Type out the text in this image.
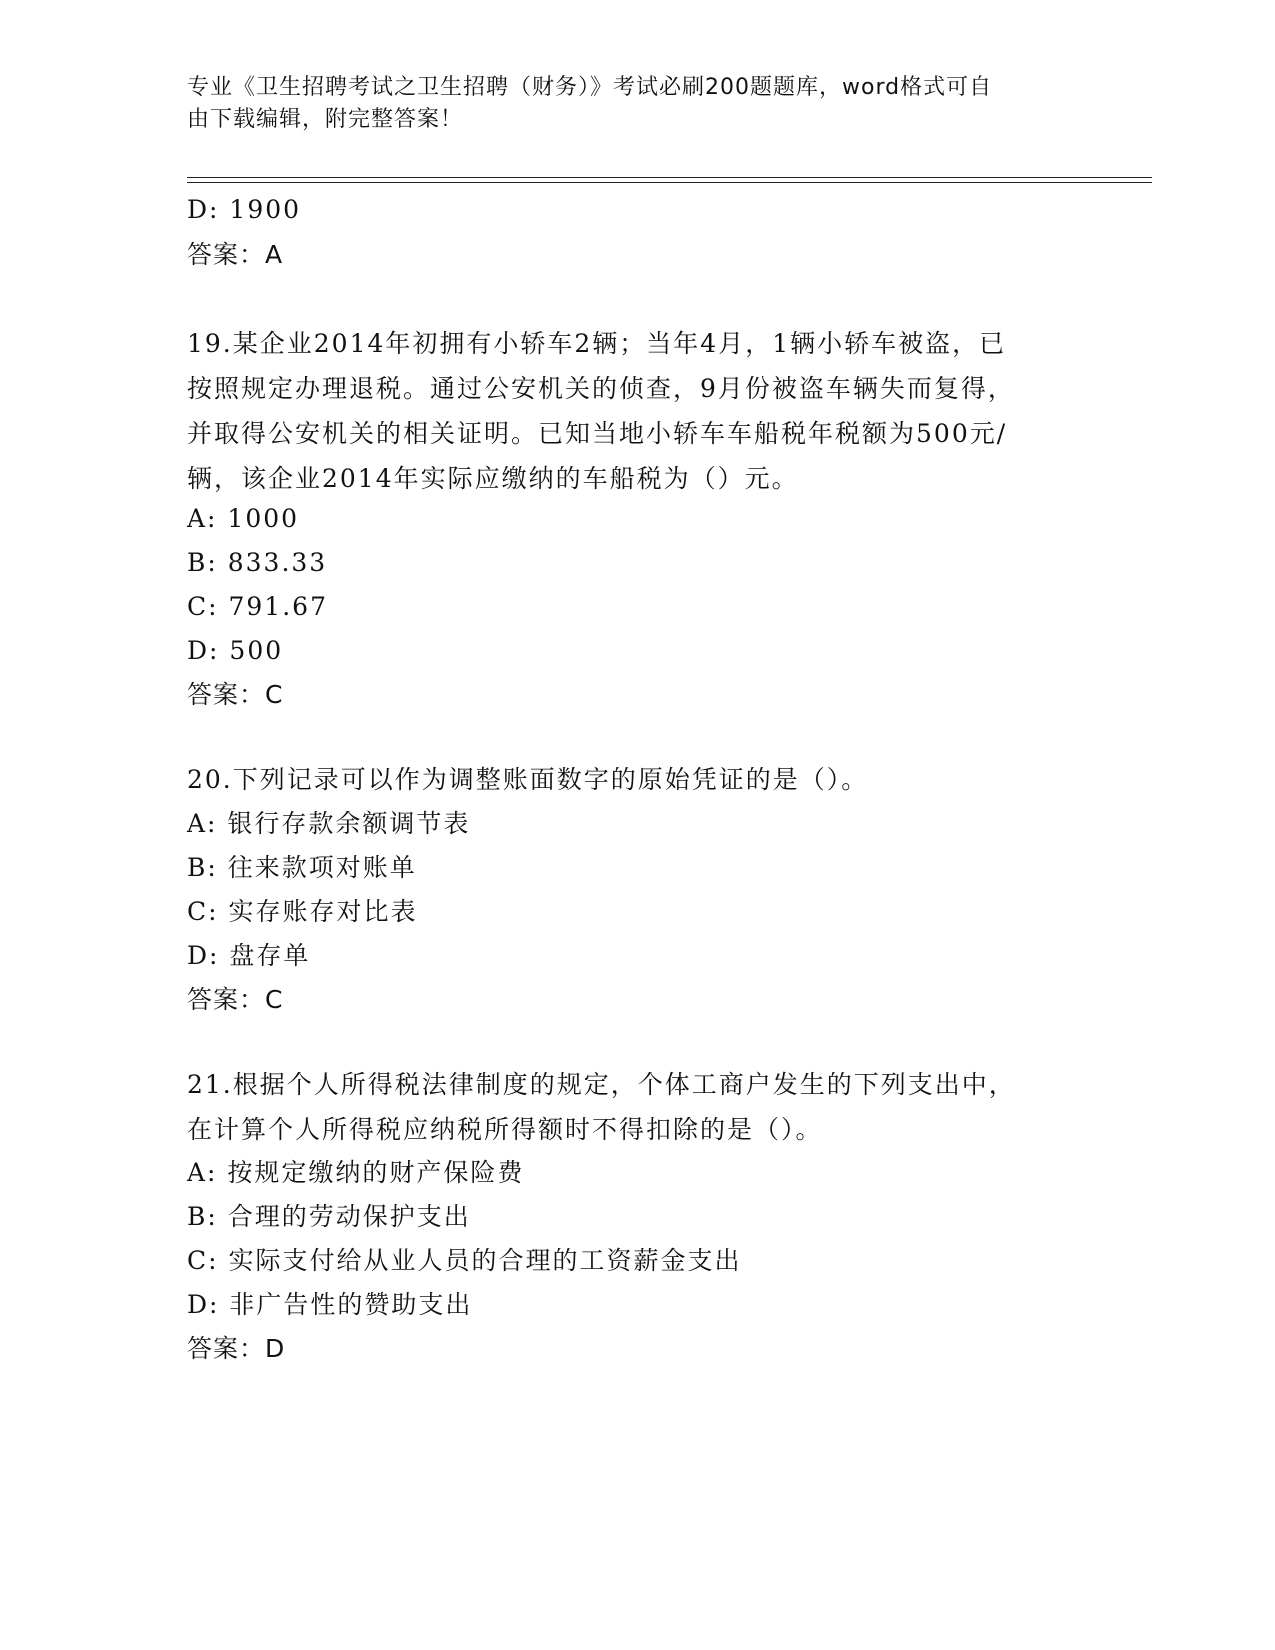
专业《卫生招聘考试之卫生招聘（财务）》考试必刷200题题库，word格式可自
由下载编辑，附完整答案！
D: 1900
答案：A
19.某企业2014年初拥有小轿车2辆；当年4月，1辆小轿车被盗，已
按照规定办理退税。通过公安机关的侦查，9月份被盗车辆失而复得，
并取得公安机关的相关证明。已知当地小轿车车船税年税额为500元/
辆，该企业2014年实际应缴纳的车船税为（）元。
A: 1000
B: 833.33
C: 791.67
D: 500
答案：C
20.下列记录可以作为调整账面数字的原始凭证的是（）。
A: 银行存款余额调节表
B: 往来款项对账单
C: 实存账存对比表
D: 盘存单
答案：C
21.根据个人所得税法律制度的规定，个体工商户发生的下列支出中，
在计算个人所得税应纳税所得额时不得扣除的是（）。
A: 按规定缴纳的财产保险费
B: 合理的劳动保护支出
C: 实际支付给从业人员的合理的工资薪金支出
D: 非广告性的赞助支出
答案：D
